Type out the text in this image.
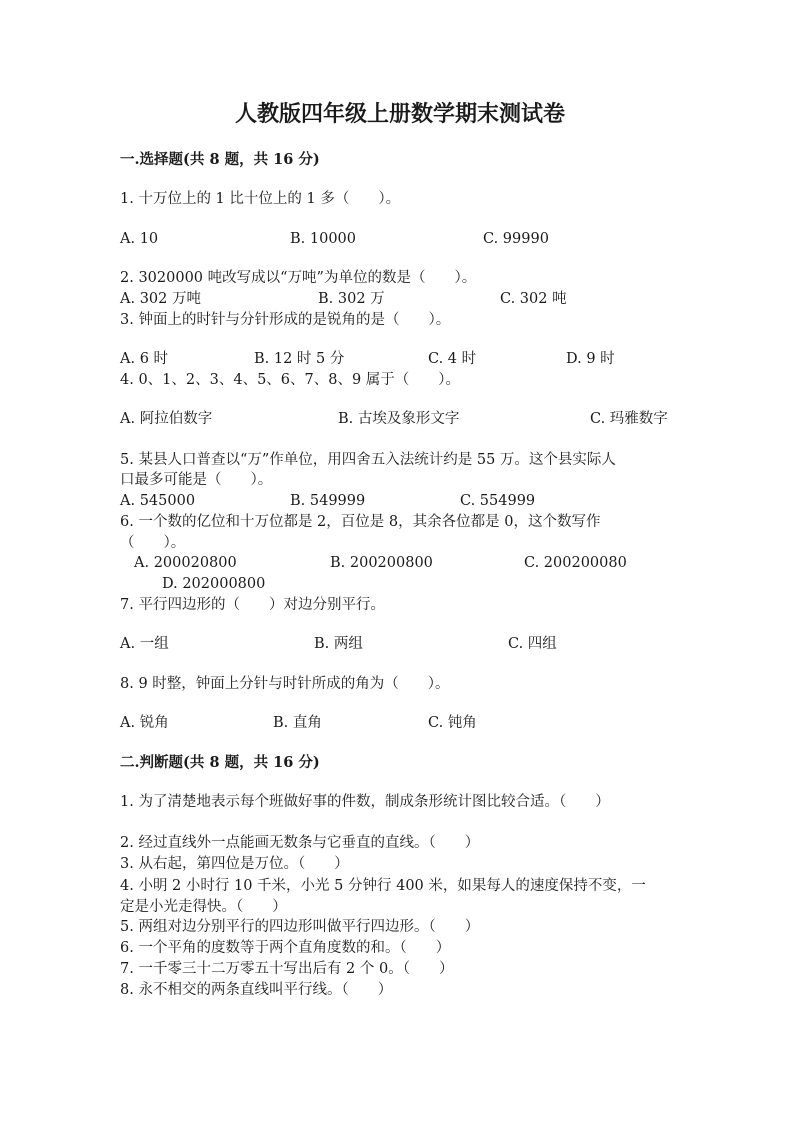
人教版四年级上册数学期末测试卷
一.选择题(共 8 题，共 16 分)
1. 十万位上的 1 比十位上的 1 多（　　）。
A. 10	B. 10000	C. 99990
2. 3020000 吨改写成以“万吨”为单位的数是（　　）。
A. 302 万吨	B. 302 万	C. 302 吨
3. 钟面上的时针与分针形成的是锐角的是（　　）。
A. 6 时	B. 12 时 5 分	C. 4 时	D. 9 时
4. 0、1、2、3、4、5、6、7、8、9 属于（　　）。
A. 阿拉伯数字	B. 古埃及象形文字	C. 玛雅数字
5. 某县人口普查以“万”作单位，用四舍五入法统计约是 55 万。这个县实际人
口最多可能是（　　）。
A. 545000	B. 549999	C. 554999
6. 一个数的亿位和十万位都是 2，百位是 8，其余各位都是 0，这个数写作
（　　）。
A. 200020800	B. 200200800	C. 200200080
D. 202000800
7. 平行四边形的（　　）对边分别平行。
A. 一组	B. 两组	C. 四组
8. 9 时整，钟面上分针与时针所成的角为（　　）。
A. 锐角	B. 直角	C. 钝角
二.判断题(共 8 题，共 16 分)
1. 为了清楚地表示每个班做好事的件数，制成条形统计图比较合适。（　　）
2. 经过直线外一点能画无数条与它垂直的直线。（　　）
3. 从右起，第四位是万位。（　　）
4. 小明 2 小时行 10 千米，小光 5 分钟行 400 米，如果每人的速度保持不变，一
定是小光走得快。（　　）
5. 两组对边分别平行的四边形叫做平行四边形。（　　）
6. 一个平角的度数等于两个直角度数的和。（　　）
7. 一千零三十二万零五十写出后有 2 个 0。（　　）
8. 永不相交的两条直线叫平行线。（　　）
